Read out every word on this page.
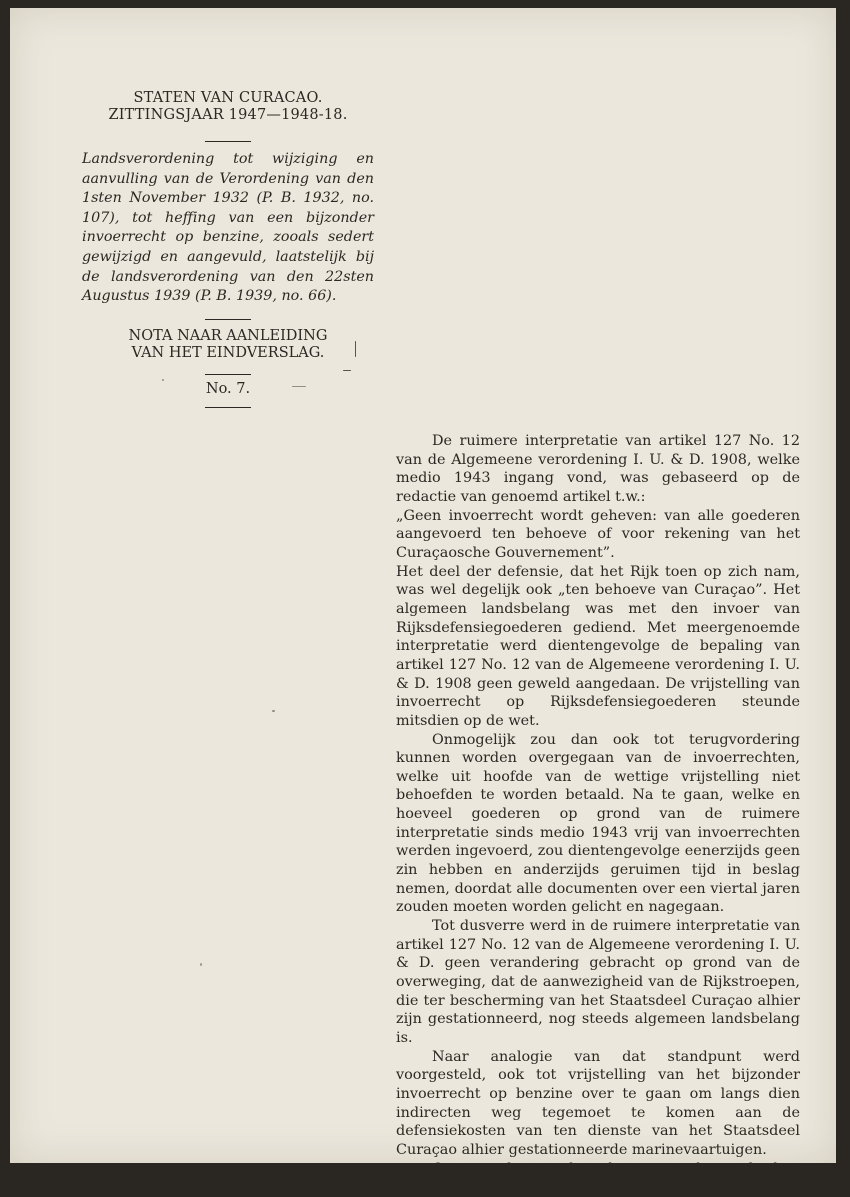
STATEN VAN CURACAO.
ZITTINGSJAAR 1947—1948-18.

Landsverordening tot wijziging en aanvulling van de Verordening van den 1sten November 1932 (P. B. 1932, no. 107), tot heffing van een bijzonder invoerrecht op benzine, zooals sedert gewijzigd en aangevuld, laatstelijk bij de landsverordening van den 22sten Augustus 1939 (P. B. 1939, no. 66).

NOTA NAAR AANLEIDING
VAN HET EINDVERSLAG.
No. 7.

De ruimere interpretatie van artikel 127 No. 12 van de Algemeene verordening I. U. & D. 1908, welke medio 1943 ingang vond, was gebaseerd op de redactie van genoemd artikel t.w.:

„Geen invoerrecht wordt geheven: van alle goederen aangevoerd ten behoeve of voor rekening van het Curaçaosche Gouvernement”.

Het deel der defensie, dat het Rijk toen op zich nam, was wel degelijk ook „ten behoeve van Curaçao”. Het algemeen landsbelang was met den invoer van Rijksdefensiegoederen gediend. Met meergenoemde interpretatie werd dientengevolge de bepaling van artikel 127 No. 12 van de Algemeene verordening I. U. & D. 1908 geen geweld aangedaan. De vrijstelling van invoerrecht op Rijksdefensiegoederen steunde mitsdien op de wet.

Onmogelijk zou dan ook tot terugvordering kunnen worden overgegaan van de invoerrechten, welke uit hoofde van de wettige vrijstelling niet behoefden te worden betaald. Na te gaan, welke en hoeveel goederen op grond van de ruimere interpretatie sinds medio 1943 vrij van invoerrechten werden ingevoerd, zou dientengevolge eenerzijds geen zin hebben en anderzijds geruimen tijd in beslag nemen, doordat alle documenten over een viertal jaren zouden moeten worden gelicht en nagegaan.

Tot dusverre werd in de ruimere interpretatie van artikel 127 No. 12 van de Algemeene verordening I. U. & D. geen verandering gebracht op grond van de overweging, dat de aanwezigheid van de Rijkstroepen, die ter bescherming van het Staatsdeel Curaçao alhier zijn gestationneerd, nog steeds algemeen landsbelang is.

Naar analogie van dat standpunt werd voorgesteld, ook tot vrijstelling van het bijzonder invoerrecht op benzine over te gaan om langs dien indirecten weg tegemoet te komen aan de defensiekosten van ten dienste van het Staatsdeel Curaçao alhier gestationneerde marinevaartuigen.

Op grond van het bovenstaande ontbreken onderge-
